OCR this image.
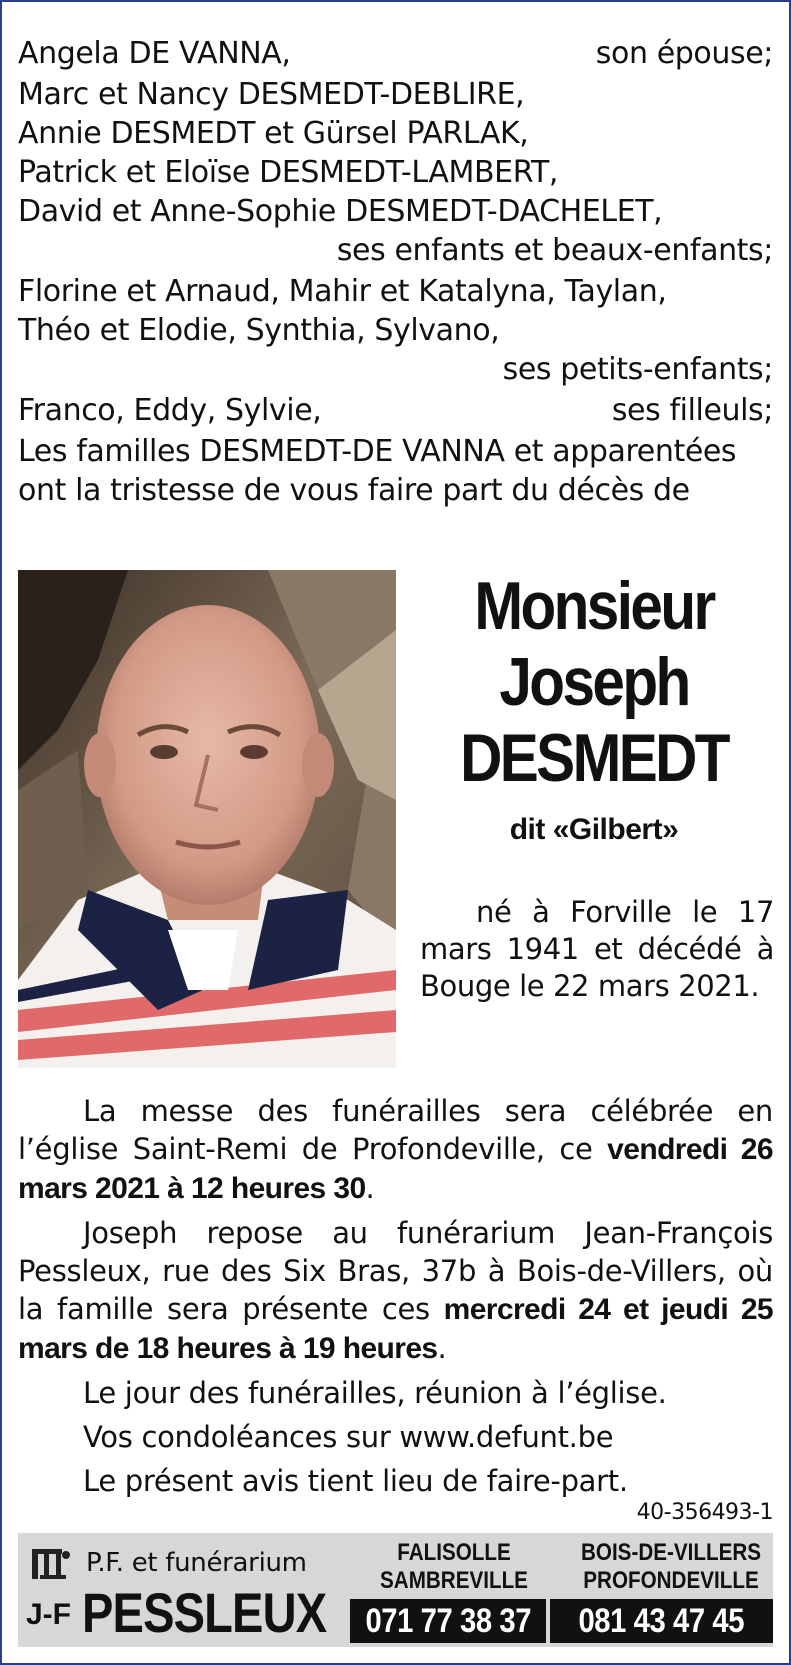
Angela DE VANNA,	son épouse;
Marc et Nancy DESMEDT-DEBLIRE,
Annie DESMEDT et Gürsel PARLAK,
Patrick et Eloïse DESMEDT-LAMBERT,
David et Anne-Sophie DESMEDT-DACHELET,
ses enfants et beaux-enfants;
Florine et Arnaud, Mahir et Katalyna, Taylan,
Théo et Elodie, Synthia, Sylvano,
ses petits-enfants;
Franco, Eddy, Sylvie,	ses filleuls;
Les familles DESMEDT-DE VANNA et apparentées
ont la tristesse de vous faire part du décès de
Monsieur
Joseph
DESMEDT
dit «Gilbert»
né à Forville le 17 mars 1941 et décédé à Bouge le 22 mars 2021.
La messe des funérailles sera célébrée en l’église Saint-Remi de Profondeville, ce vendredi 26 mars 2021 à 12 heures 30.
Joseph repose au funérarium Jean-François Pessleux, rue des Six Bras, 37b à Bois-de-Villers, où la famille sera présente ces mercredi 24 et jeudi 25 mars de 18 heures à 19 heures.
Le jour des funérailles, réunion à l’église.
Vos condoléances sur www.defunt.be
Le présent avis tient lieu de faire-part.
40-356493-1
P.F. et funérarium
J-F PESSLEUX
FALISOLLE
SAMBREVILLE
BOIS-DE-VILLERS
PROFONDEVILLE
071 77 38 37	081 43 47 45
